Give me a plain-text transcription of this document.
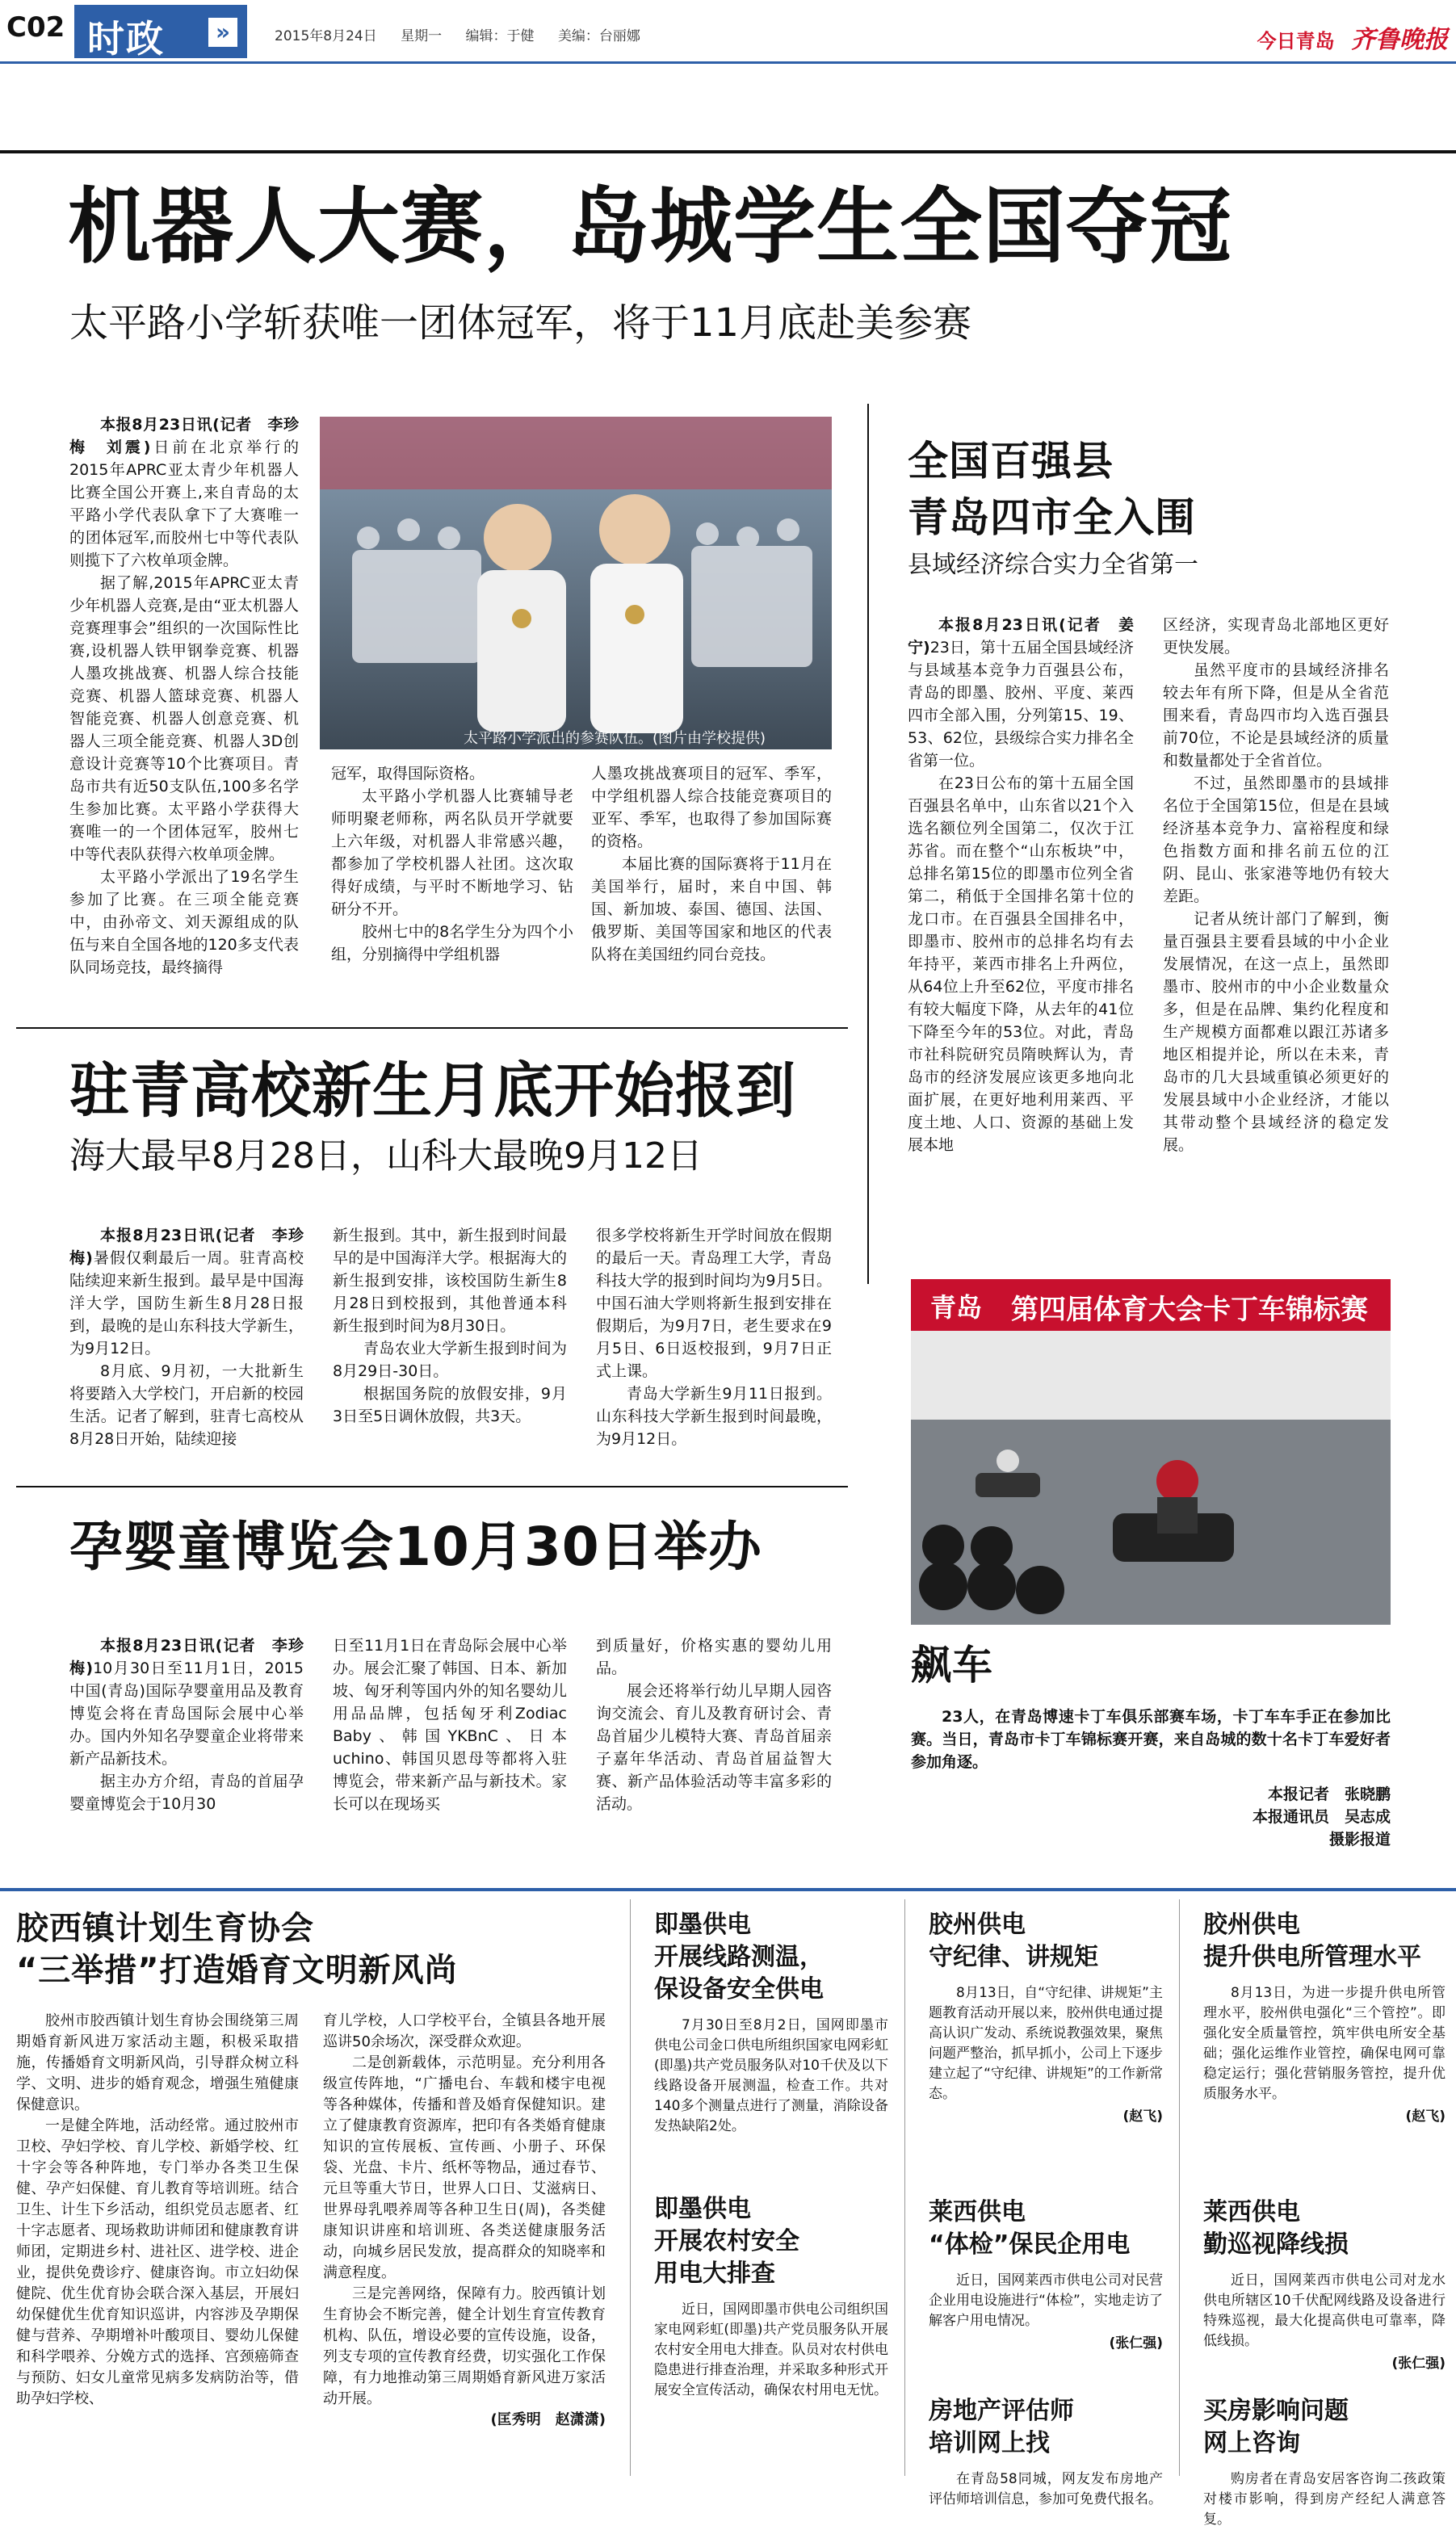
C02 时政	»	2015年8月24日 星期一 编辑：于健 美编：台丽娜	今日青岛 齐鲁晚报
机器人大赛，岛城学生全国夺冠
太平路小学斩获唯一团体冠军，将于11月底赴美参赛

本报8月23日讯(记者　李珍梅　刘震)日前在北京举行的2015年APRC亚太青少年机器人比赛全国公开赛上,来自青岛的太平路小学代表队拿下了大赛唯一的团体冠军,而胶州七中等代表队则揽下了六枚单项金牌。

据了解,2015年APRC亚太青少年机器人竞赛,是由“亚太机器人竞赛理事会”组织的一次国际性比赛,设机器人铁甲钢拳竞赛、机器人墨攻挑战赛、机器人综合技能竞赛、机器人篮球竞赛、机器人智能竞赛、机器人创意竞赛、机器人三项全能竞赛、机器人3D创意设计竞赛等10个比赛项目。青岛市共有近50支队伍,100多名学生参加比赛。太平路小学获得大赛唯一的一个团体冠军，胶州七中等代表队获得六枚单项金牌。

太平路小学派出了19名学生参加了比赛。在三项全能竞赛中，由孙帝文、刘天源组成的队伍与来自全国各地的120多支代表队同场竞技，最终摘得

太平路小学派出的参赛队伍。(图片由学校提供)

冠军，取得国际资格。

太平路小学机器人比赛辅导老师明聚老师称，两名队员开学就要上六年级，对机器人非常感兴趣，都参加了学校机器人社团。这次取得好成绩，与平时不断地学习、钻研分不开。

胶州七中的8名学生分为四个小组，分别摘得中学组机器

人墨攻挑战赛项目的冠军、季军，中学组机器人综合技能竞赛项目的亚军、季军，也取得了参加国际赛的资格。

本届比赛的国际赛将于11月在美国举行，届时，来自中国、韩国、新加坡、泰国、德国、法国、俄罗斯、美国等国家和地区的代表队将在美国纽约同台竞技。

全国百强县
青岛四市全入围
县域经济综合实力全省第一

本报8月23日讯(记者　姜宁)23日，第十五届全国县域经济与县域基本竞争力百强县公布，青岛的即墨、胶州、平度、莱西四市全部入围，分列第15、19、53、62位，县级综合实力排名全省第一位。

在23日公布的第十五届全国百强县名单中，山东省以21个入选名额位列全国第二，仅次于江苏省。而在整个“山东板块”中，总排名第15位的即墨市位列全省第二，稍低于全国排名第十位的龙口市。在百强县全国排名中，即墨市、胶州市的总排名均有去年持平，莱西市排名上升两位，从64位上升至62位，平度市排名有较大幅度下降，从去年的41位下降至今年的53位。对此，青岛市社科院研究员隋映辉认为，青岛市的经济发展应该更多地向北面扩展，在更好地利用莱西、平度土地、人口、资源的基础上发展本地

区经济，实现青岛北部地区更好更快发展。

虽然平度市的县域经济排名较去年有所下降，但是从全省范围来看，青岛四市均入选百强县前70位，不论是县域经济的质量和数量都处于全省首位。

不过，虽然即墨市的县域排名位于全国第15位，但是在县域经济基本竞争力、富裕程度和绿色指数方面和排名前五位的江阴、昆山、张家港等地仍有较大差距。

记者从统计部门了解到，衡量百强县主要看县域的中小企业发展情况，在这一点上，虽然即墨市、胶州市的中小企业数量众多，但是在品牌、集约化程度和生产规模方面都难以跟江苏诸多地区相提并论，所以在未来，青岛市的几大县域重镇必须更好的发展县域中小企业经济，才能以其带动整个县域经济的稳定发展。

驻青高校新生月底开始报到
海大最早8月28日，山科大最晚9月12日

本报8月23日讯(记者　李珍梅)暑假仅剩最后一周。驻青高校陆续迎来新生报到。最早是中国海洋大学，国防生新生8月28日报到，最晚的是山东科技大学新生，为9月12日。

8月底、9月初，一大批新生将要踏入大学校门，开启新的校园生活。记者了解到，驻青七高校从8月28日开始，陆续迎接

新生报到。其中，新生报到时间最早的是中国海洋大学。根据海大的新生报到安排，该校国防生新生8月28日到校报到，其他普通本科新生报到时间为8月30日。

青岛农业大学新生报到时间为8月29日-30日。

根据国务院的放假安排，9月3日至5日调休放假，共3天。

很多学校将新生开学时间放在假期的最后一天。青岛理工大学，青岛科技大学的报到时间均为9月5日。中国石油大学则将新生报到安排在假期后，为9月7日，老生要求在9月5日、6日返校报到，9月7日正式上课。

青岛大学新生9月11日报到。山东科技大学新生报到时间最晚，为9月12日。

青岛 第四届体育大会卡丁车锦标赛
飙车

23人，在青岛博速卡丁车俱乐部赛车场，卡丁车车手正在参加比赛。当日，青岛市卡丁车锦标赛开赛，来自岛城的数十名卡丁车爱好者参加角逐。

本报记者　张晓鹏
本报通讯员　吴志成
摄影报道
孕婴童博览会10月30日举办

本报8月23日讯(记者　李珍梅)10月30日至11月1日，2015中国(青岛)国际孕婴童用品及教育博览会将在青岛国际会展中心举办。国内外知名孕婴童企业将带来新产品新技术。

据主办方介绍，青岛的首届孕婴童博览会于10月30

日至11月1日在青岛际会展中心举办。展会汇聚了韩国、日本、新加坡、匈牙利等国内外的知名婴幼儿用品品牌，包括匈牙利Zodiac Baby、韩国YKBnC、日本uchino、韩国贝恩母等都将入驻博览会，带来新产品与新技术。家长可以在现场买

到质量好，价格实惠的婴幼儿用品。

展会还将举行幼儿早期人园咨询交流会、育儿及教育研讨会、青岛首届少儿模特大赛、青岛首届亲子嘉年华活动、青岛首届益智大赛、新产品体验活动等丰富多彩的活动。

胶西镇计划生育协会
“三举措”打造婚育文明新风尚

胶州市胶西镇计划生育协会围绕第三周期婚育新风进万家活动主题，积极采取措施，传播婚育文明新风尚，引导群众树立科学、文明、进步的婚育观念，增强生殖健康保健意识。

一是健全阵地，活动经常。通过胶州市卫校、孕妇学校、育儿学校、新婚学校、红十字会等各种阵地，专门举办各类卫生保健、孕产妇保健、育儿教育等培训班。结合卫生、计生下乡活动，组织党员志愿者、红十字志愿者、现场救助讲师团和健康教育讲师团，定期进乡村、进社区、进学校、进企业，提供免费诊疗、健康咨询。市立妇幼保健院、优生优育协会联合深入基层，开展妇幼保健优生优育知识巡讲，内容涉及孕期保健与营养、孕期增补叶酸项目、婴幼儿保健和科学喂养、分娩方式的选择、宫颈癌筛查与预防、妇女儿童常见病多发病防治等，借助孕妇学校、

育儿学校，人口学校平台，全镇县各地开展巡讲50余场次，深受群众欢迎。

二是创新载体，示范明显。充分利用各级宣传阵地，“广播电台、车载和楼宇电视等各种媒体，传播和普及婚育保健知识。建立了健康教育资源库，把印有各类婚育健康知识的宣传展板、宣传画、小册子、环保袋、光盘、卡片、纸杯等物品，通过春节、元旦等重大节日，世界人口日、艾滋病日、世界母乳喂养周等各种卫生日(周)，各类健康知识讲座和培训班、各类送健康服务活动，向城乡居民发放，提高群众的知晓率和满意程度。

三是完善网络，保障有力。胶西镇计划生育协会不断完善，健全计划生育宣传教育机构、队伍，增设必要的宣传设施，设备，列支专项的宣传教育经费，切实强化工作保障，有力地推动第三周期婚育新风进万家活动开展。

(匡秀明　赵潇潇)
即墨供电
开展线路测温，
保设备安全供电
7月30日至8月2日，国网即墨市供电公司金口供电所组织国家电网彩虹(即墨)共产党员服务队对10千伏及以下线路设备开展测温，检查工作。共对140多个测量点进行了测量，消除设备发热缺陷2处。
即墨供电
开展农村安全
用电大排查
近日，国网即墨市供电公司组织国家电网彩虹(即墨)共产党员服务队开展农村安全用电大排查。队员对农村供电隐患进行排查治理，并采取多种形式开展安全宣传活动，确保农村用电无忧。
胶州供电
守纪律、讲规矩
8月13日，自“守纪律、讲规矩”主题教育活动开展以来，胶州供电通过提高认识广发动、系统说教强效果，聚焦问题严整治，抓早抓小，公司上下逐步建立起了“守纪律、讲规矩”的工作新常态。
(赵飞)
胶州供电
提升供电所管理水平
8月13日，为进一步提升供电所管理水平，胶州供电强化“三个管控”。即强化安全质量管控，筑牢供电所安全基础；强化运维作业管控，确保电网可靠稳定运行；强化营销服务管控，提升优质服务水平。
(赵飞)
莱西供电
“体检”保民企用电
近日，国网莱西市供电公司对民营企业用电设施进行“体检”，实地走访了解客户用电情况。
(张仁强)
莱西供电
勤巡视降线损
近日，国网莱西市供电公司对龙水供电所辖区10千伏配网线路及设备进行特殊巡视，最大化提高供电可靠率，降低线损。
(张仁强)
房地产评估师
培训网上找
在青岛58同城，网友发布房地产评估师培训信息，参加可免费代报名。
买房影响问题
网上咨询
购房者在青岛安居客咨询二孩政策对楼市影响，得到房产经纪人满意答复。
